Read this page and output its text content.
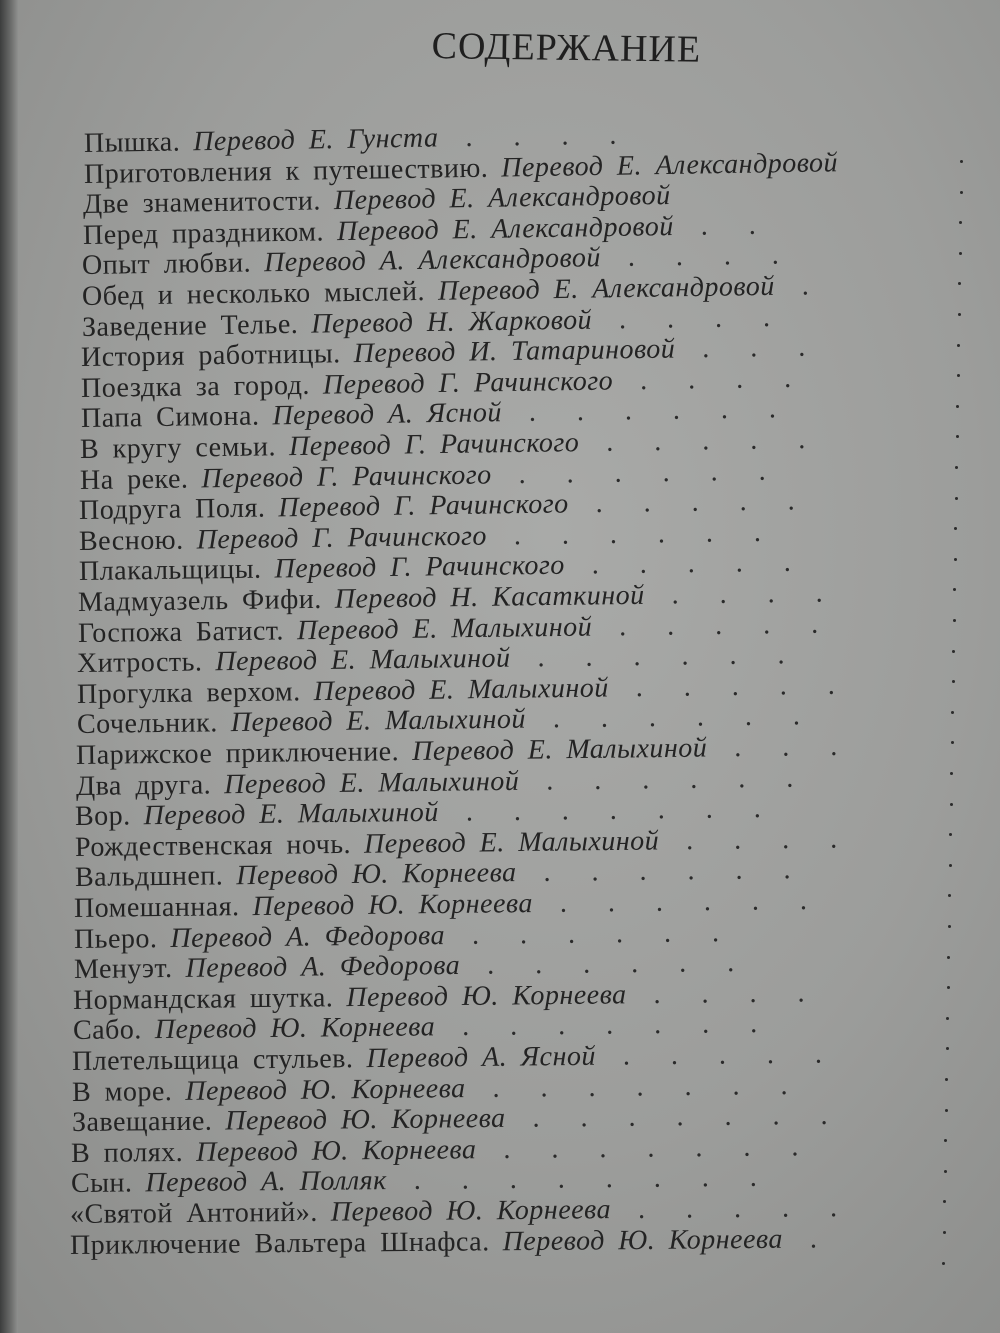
СОДЕРЖАНИЕ
Пышка. Перевод Е. Гунста . . . .
Приготовления к путешествию. Перевод Е. Александровой
Две знаменитости. Перевод Е. Александровой
Перед праздником. Перевод Е. Александровой . .
Опыт любви. Перевод А. Александровой . . . .
Обед и несколько мыслей. Перевод Е. Александровой .
Заведение Телье. Перевод Н. Жарковой . . . .
История работницы. Перевод И. Татариновой . . .
Поездка за город. Перевод Г. Рачинского . . . .
Папа Симона. Перевод А. Ясной . . . . . .
В кругу семьи. Перевод Г. Рачинского . . . . .
На реке. Перевод Г. Рачинского . . . . . .
Подруга Поля. Перевод Г. Рачинского . . . . .
Весною. Перевод Г. Рачинского . . . . . .
Плакальщицы. Перевод Г. Рачинского . . . . .
Мадмуазель Фифи. Перевод Н. Касаткиной . . . .
Госпожа Батист. Перевод Е. Малыхиной . . . . .
Хитрость. Перевод Е. Малыхиной . . . . . .
Прогулка верхом. Перевод Е. Малыхиной . . . . .
Сочельник. Перевод Е. Малыхиной . . . . . .
Парижское приключение. Перевод Е. Малыхиной . . .
Два друга. Перевод Е. Малыхиной . . . . . .
Вор. Перевод Е. Малыхиной . . . . . . .
Рождественская ночь. Перевод Е. Малыхиной . . . .
Вальдшнеп. Перевод Ю. Корнеева . . . . . .
Помешанная. Перевод Ю. Корнеева . . . . . .
Пьеро. Перевод А. Федорова . . . . . .
Менуэт. Перевод А. Федорова . . . . . .
Нормандская шутка. Перевод Ю. Корнеева . . . .
Сабо. Перевод Ю. Корнеева . . . . . . .
Плетельщица стульев. Перевод А. Ясной . . . . .
В море. Перевод Ю. Корнеева . . . . . . .
Завещание. Перевод Ю. Корнеева . . . . . . .
В полях. Перевод Ю. Корнеева . . . . . . .
Сын. Перевод А. Полляк . . . . . . . .
«Святой Антоний». Перевод Ю. Корнеева . . . . .
Приключение Вальтера Шнафса. Перевод Ю. Корнеева .
